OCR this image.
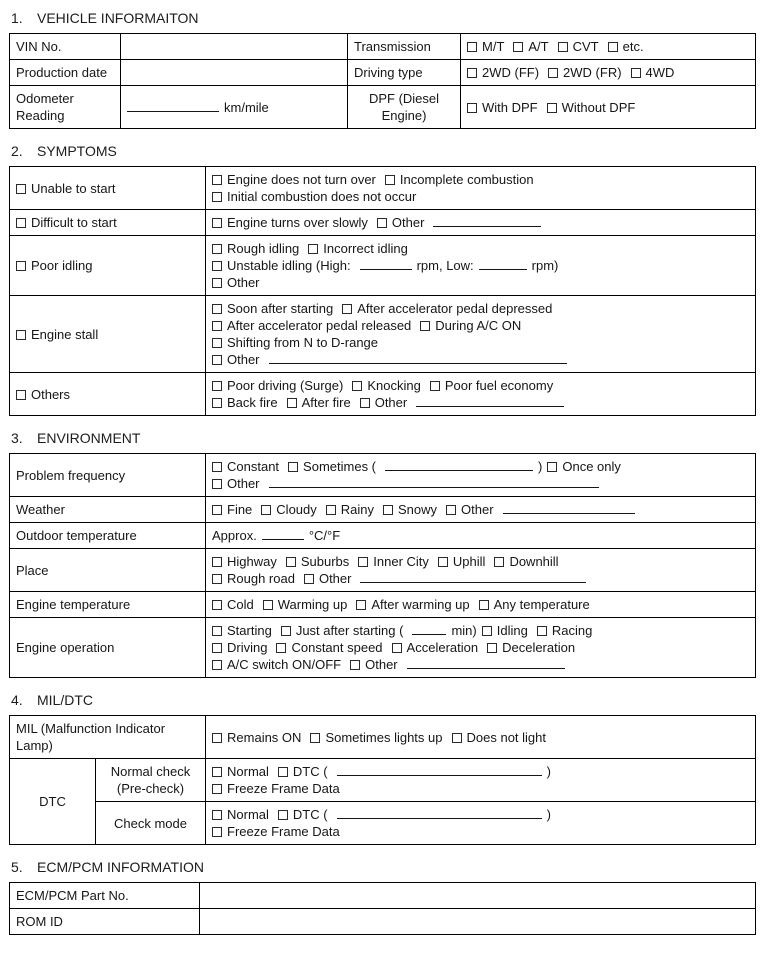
1. VEHICLE INFORMAITON
VIN No.		Transmission	M/T A/T CVT etc.

Production date		Driving type	2WD (FF) 2WD (FR) 4WD

Odometer Reading	km/mile	DPF (Diesel Engine)	With DPF Without DPF
2. SYMPTOMS
Unable to start	Engine does not turn over Incomplete combustion
Initial combustion does not occur

Difficult to start	Engine turns over slowly Other

Poor idling	Rough idling Incorrect idling
Unstable idling (High: rpm, Low: rpm)
Other

Engine stall	Soon after starting After accelerator pedal depressed
After accelerator pedal released During A/C ON
Shifting from N to D-range
Other

Others	Poor driving (Surge) Knocking Poor fuel economy
Back fire After fire Other
3. ENVIRONMENT
Problem frequency	Constant Sometimes ( ) Once only
Other

Weather	Fine Cloudy Rainy Snowy Other

Outdoor temperature	Approx. °C/°F

Place	Highway Suburbs Inner City Uphill Downhill
Rough road Other

Engine temperature	Cold Warming up After warming up Any temperature

Engine operation	Starting Just after starting ( min) Idling Racing
Driving Constant speed Acceleration Deceleration
A/C switch ON/OFF Other
4. MIL/DTC
MIL (Malfunction Indicator Lamp)		Remains ON Sometimes lights up Does not light

DTC	Normal check (Pre-check)	Normal DTC ( )
Freeze Frame Data

	Check mode	Normal DTC ( )
Freeze Frame Data
5. ECM/PCM INFORMATION
ECM/PCM Part No.	
ROM ID	
